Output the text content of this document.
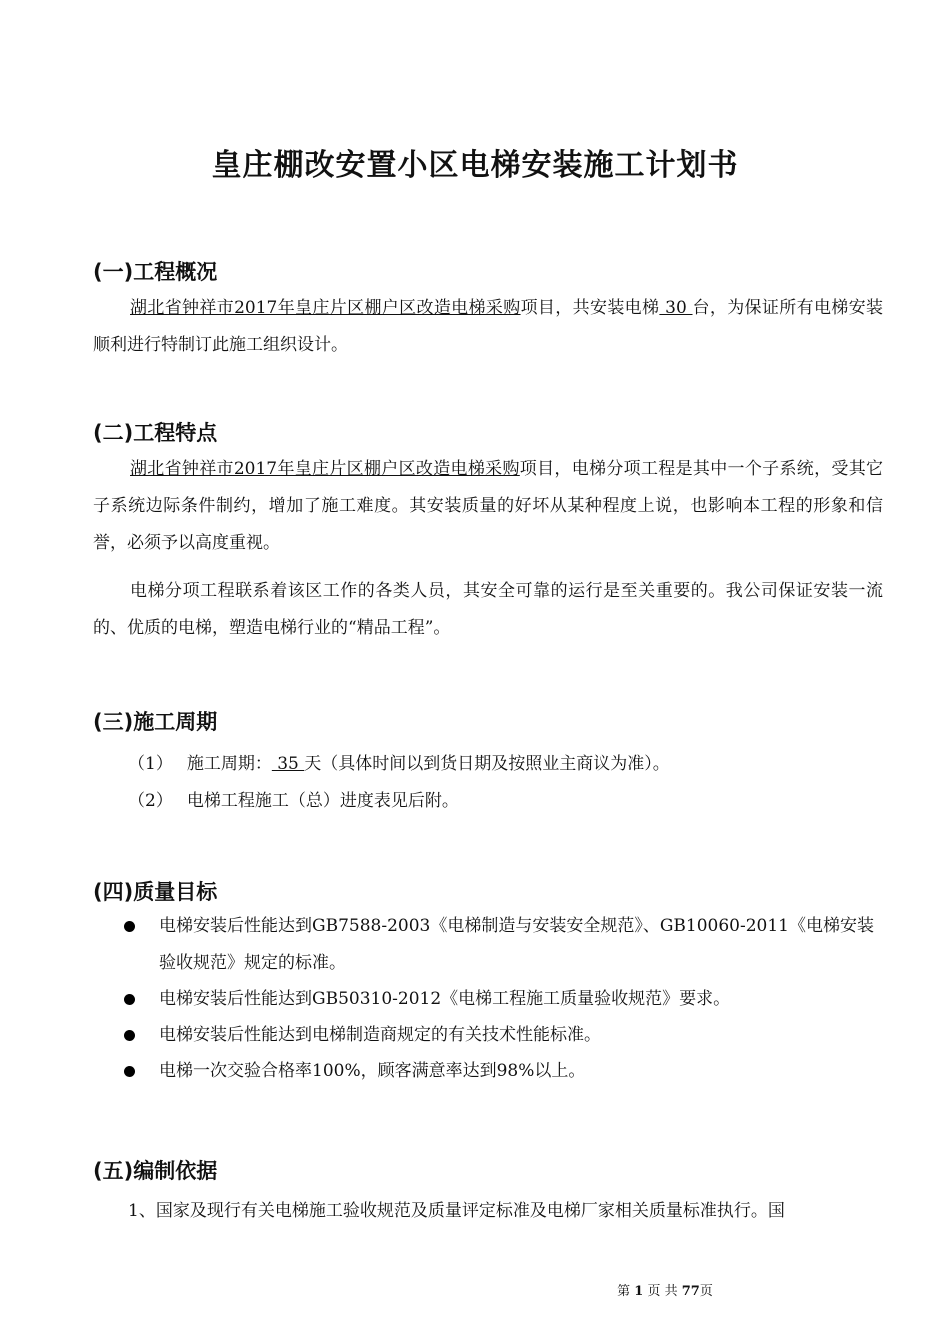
皇庄棚改安置小区电梯安装施工计划书
(一)工程概况
湖北省钟祥市2017年皇庄片区棚户区改造电梯采购项目，共安装电梯 30 台，为保证所有电梯安装顺利进行特制订此施工组织设计。
(二)工程特点
湖北省钟祥市2017年皇庄片区棚户区改造电梯采购项目，电梯分项工程是其中一个子系统，受其它子系统边际条件制约，增加了施工难度。其安装质量的好坏从某种程度上说，也影响本工程的形象和信誉，必须予以高度重视。
电梯分项工程联系着该区工作的各类人员，其安全可靠的运行是至关重要的。我公司保证安装一流的、优质的电梯，塑造电梯行业的“精品工程”。
(三)施工周期
（1） 施工周期： 35 天（具体时间以到货日期及按照业主商议为准）。
（2） 电梯工程施工（总）进度表见后附。
(四)质量目标
电梯安装后性能达到GB7588-2003《电梯制造与安装安全规范》、GB10060-2011《电梯安装验收规范》规定的标准。
电梯安装后性能达到GB50310-2012《电梯工程施工质量验收规范》要求。
电梯安装后性能达到电梯制造商规定的有关技术性能标准。
电梯一次交验合格率100%，顾客满意率达到98%以上。
(五)编制依据
1、国家及现行有关电梯施工验收规范及质量评定标准及电梯厂家相关质量标准执行。国
第 1 页 共 77页
